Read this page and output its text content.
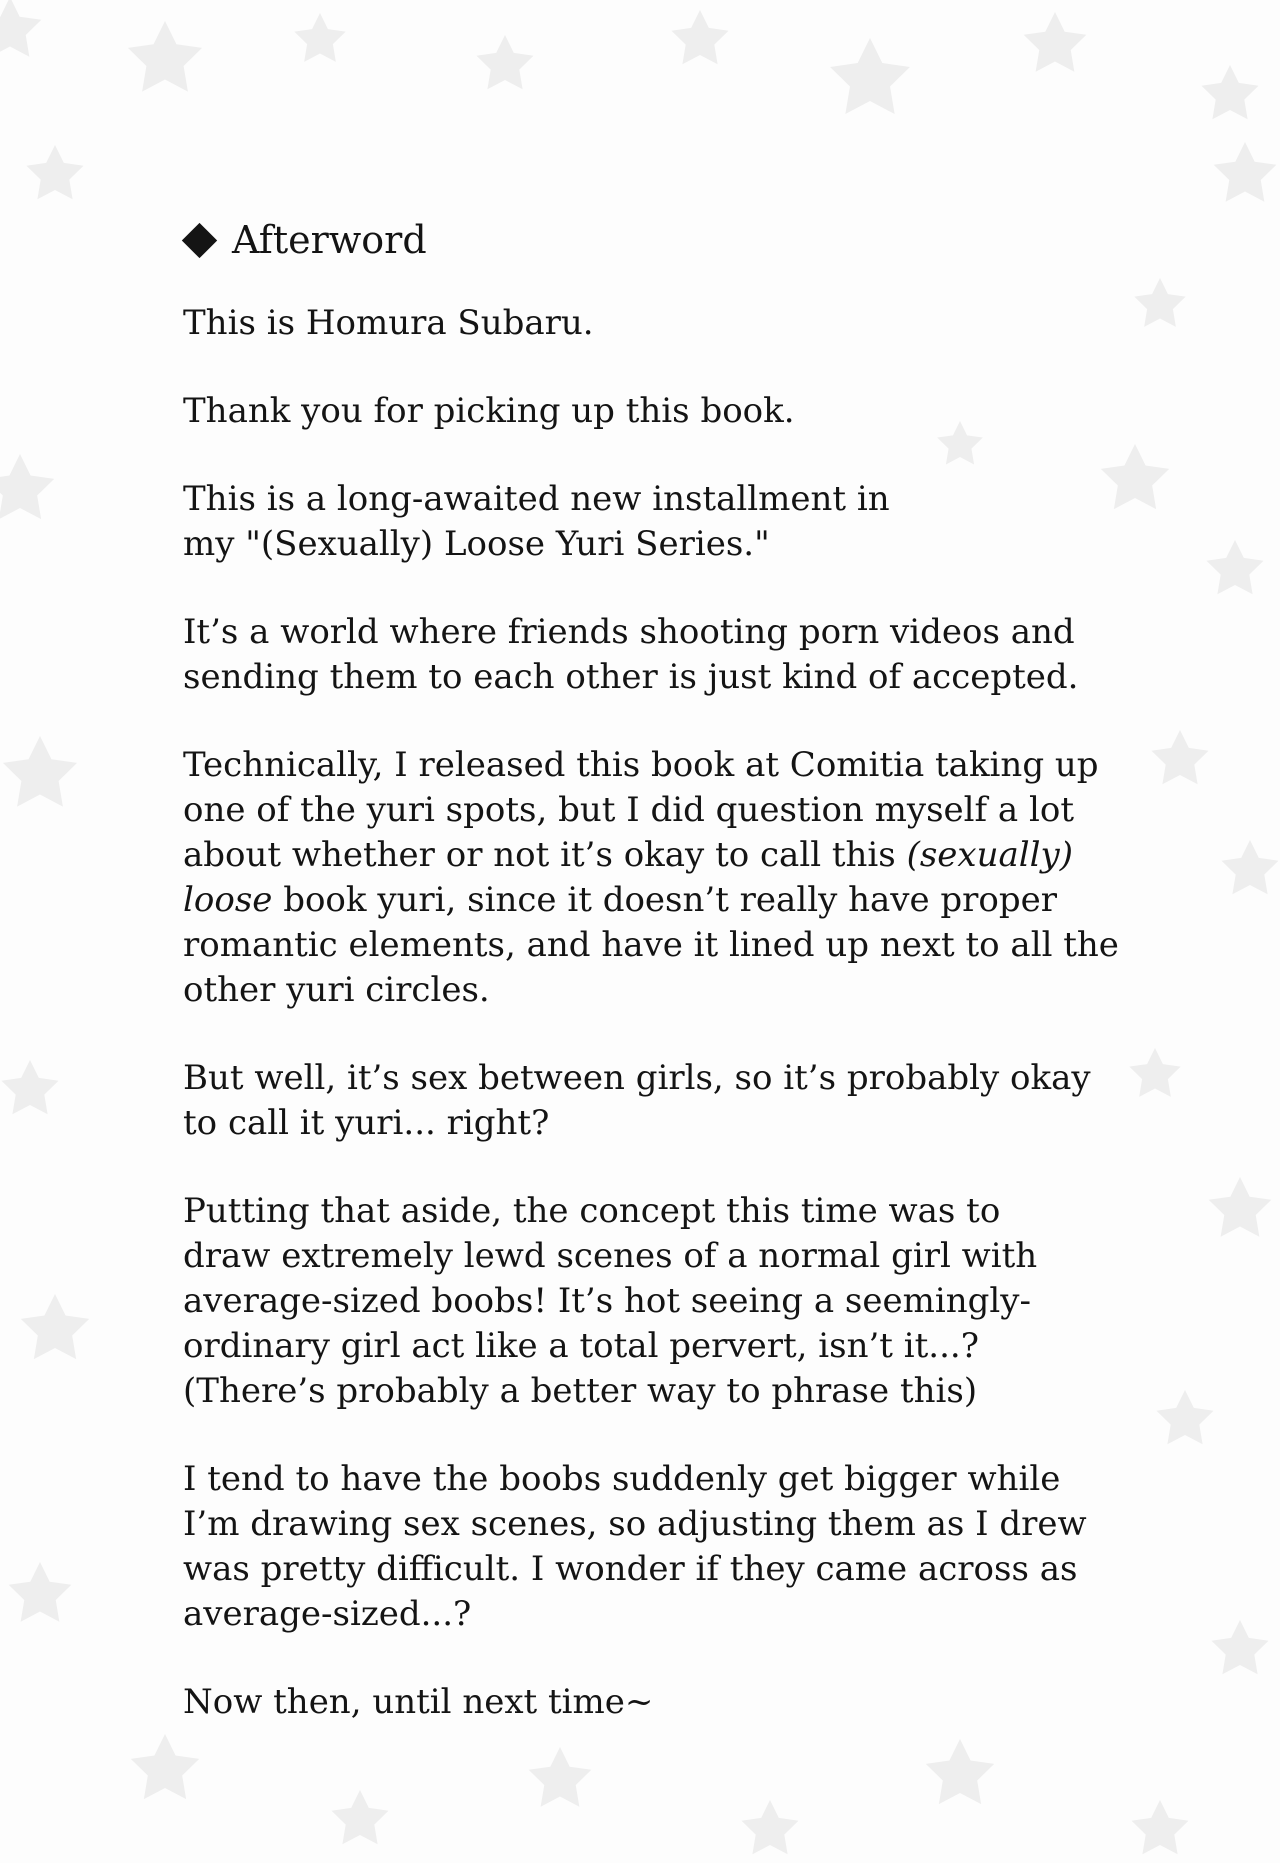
Afterword

This is Homura Subaru.

Thank you for picking up this book.

This is a long-awaited new installment in
my "(Sexually) Loose Yuri Series."

It’s a world where friends shooting porn videos and
sending them to each other is just kind of accepted.

Technically, I released this book at Comitia taking up
one of the yuri spots, but I did question myself a lot
about whether or not it’s okay to call this (sexually)
loose book yuri, since it doesn’t really have proper
romantic elements, and have it lined up next to all the
other yuri circles.

But well, it’s sex between girls, so it’s probably okay
to call it yuri... right?

Putting that aside, the concept this time was to
draw extremely lewd scenes of a normal girl with
average-sized boobs! It’s hot seeing a seemingly-
ordinary girl act like a total pervert, isn’t it...?
(There’s probably a better way to phrase this)

I tend to have the boobs suddenly get bigger while
I’m drawing sex scenes, so adjusting them as I drew
was pretty difficult. I wonder if they came across as
average-sized...?

Now then, until next time~
